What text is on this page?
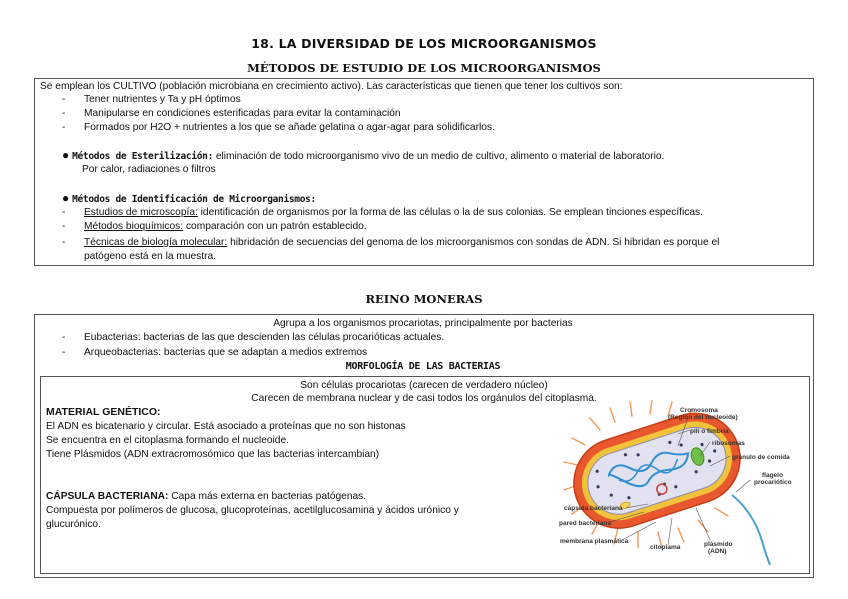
18. LA DIVERSIDAD DE LOS MICROORGANISMOS
MÉTODOS DE ESTUDIO DE LOS MICROORGANISMOS
Se emplean los CULTIVO (población microbiana en crecimiento activo). Las características que tienen que tener los cultivos son:
- Tener nutrientes y Ta y pH óptimos
- Manipularse en condiciones esterificadas para evitar la contaminación
- Formados por H2O + nutrientes a los que se añade gelatina o agar-agar para solidificarlos.
● Métodos de Esterilización: eliminación de todo microorganismo vivo de un medio de cultivo, alimento o material de laboratorio.
Por calor, radiaciones o filtros
● Métodos de Identificación de Microorganismos:
- Estudios de microscopía: identificación de organismos por la forma de las células o la de sus colonias. Se emplean tinciones específicas.
- Métodos bioquímicos: comparación con un patrón establecido.
- Técnicas de biología molecular: hibridación de secuencias del genoma de los microorganismos con sondas de ADN. Si hibridan es porque el
patógeno está en la muestra.
REINO MONERAS
Agrupa a los organismos procariotas, principalmente por bacterias
- Eubacterias: bacterias de las que descienden las células procarióticas actuales.
- Arqueobacterias: bacterias que se adaptan a medios extremos
MORFOLOGÍA DE LAS BACTERIAS
Son células procariotas (carecen de verdadero núcleo)
Carecen de membrana nuclear y de casi todos los orgánulos del citoplasma.
MATERIAL GENÉTICO:
El ADN es bicatenario y circular. Está asociado a proteínas que no son histonas
Se encuentra en el citoplasma formando el nucleoide.
Tiene Plásmidos (ADN extracromosómico que las bacterias intercambian)
CÁPSULA BACTERIANA: Capa más externa en bacterias patógenas.
Compuesta por polímeros de glucosa, glucoproteínas, acetilglucosamina y ácidos urónico y
glucurónico.
Cromosoma
(Región del nucleoide)
pili o fimbria
ribosomas
gránulo de comida
flagelo
procariótico
cápsula bacteriana
pared bacteriana
membrana plasmática
citoplama	plásmido
(ADN)
